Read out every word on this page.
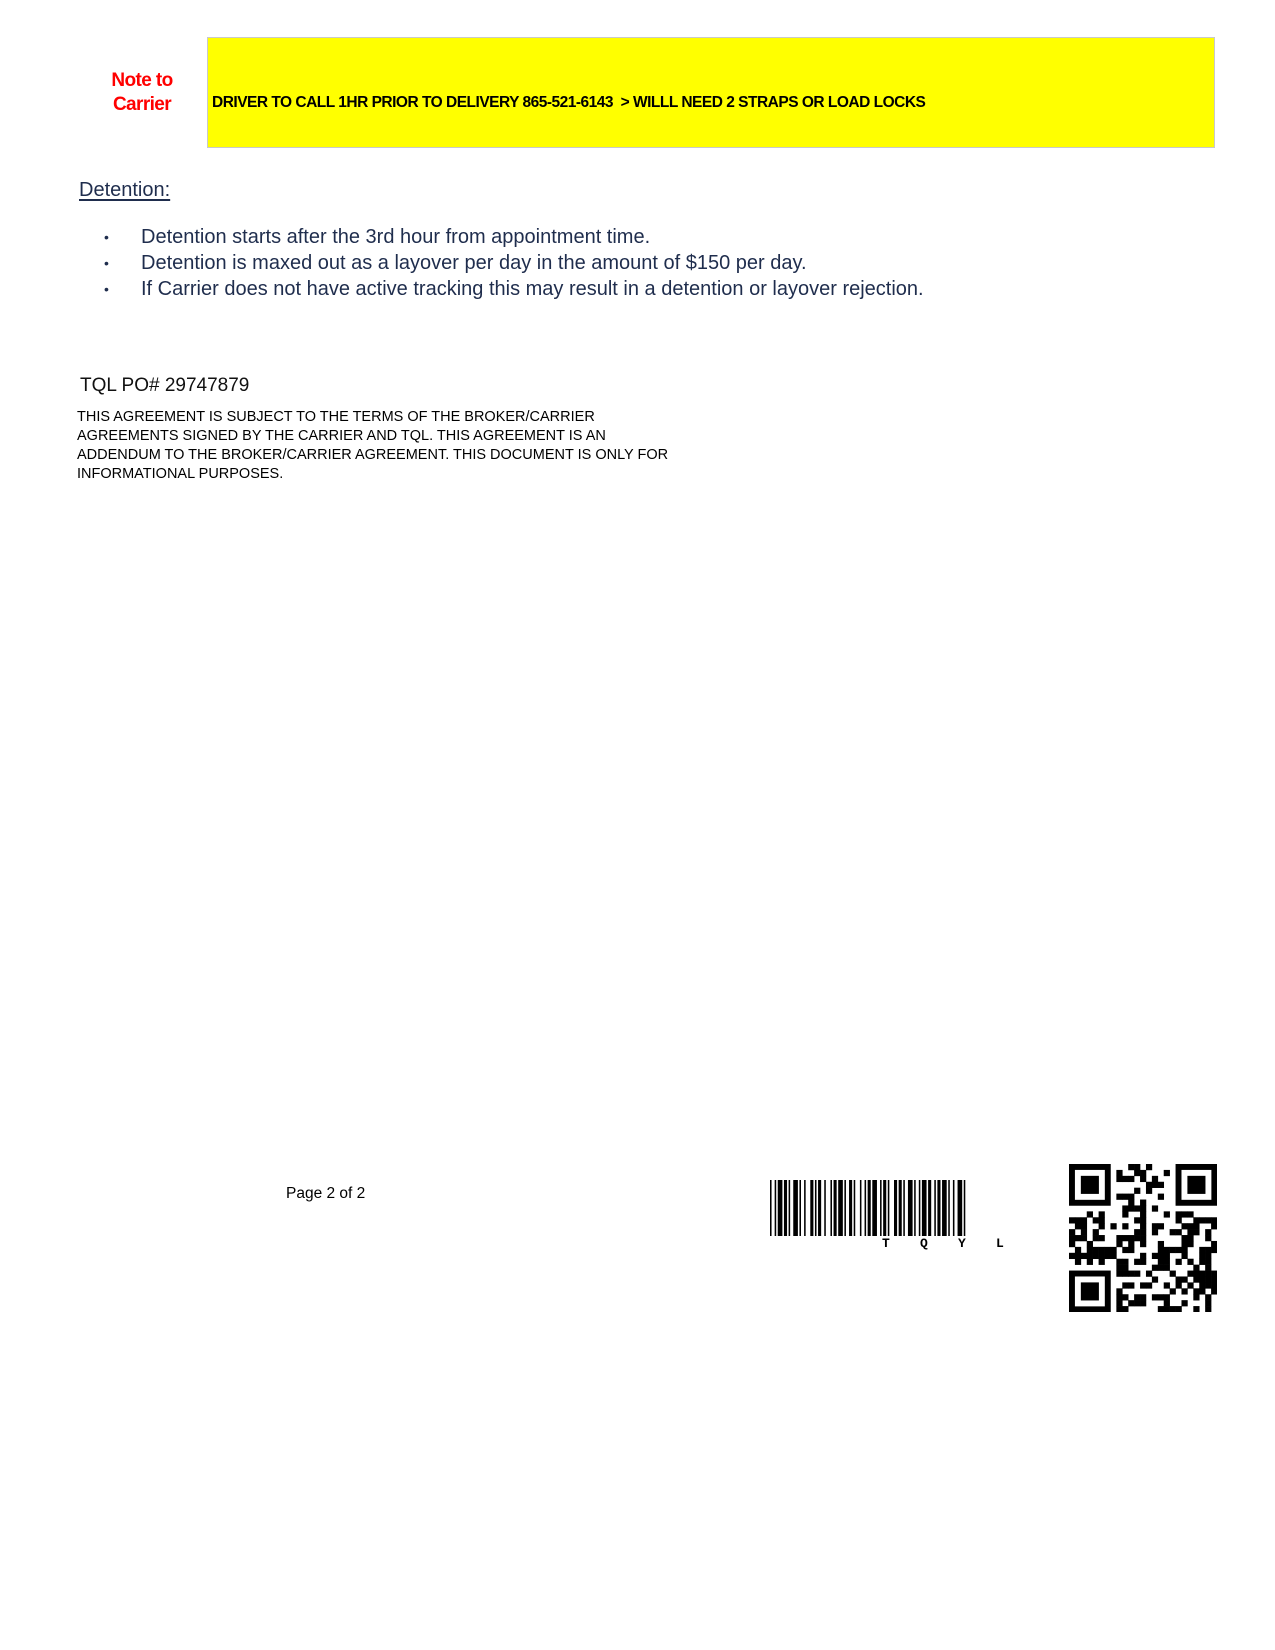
Note to
Carrier	DRIVER TO CALL 1HR PRIOR TO DELIVERY 865-521-6143  > WILLL NEED 2 STRAPS OR LOAD LOCKS
Detention:
• Detention starts after the 3rd hour from appointment time.
• Detention is maxed out as a layover per day in the amount of $150 per day.
• If Carrier does not have active tracking this may result in a detention or layover rejection.
TQL PO# 29747879
THIS AGREEMENT IS SUBJECT TO THE TERMS OF THE BROKER/CARRIER
AGREEMENTS SIGNED BY THE CARRIER AND TQL. THIS AGREEMENT IS AN
ADDENDUM TO THE BROKER/CARRIER AGREEMENT. THIS DOCUMENT IS ONLY FOR
INFORMATIONAL PURPOSES.
Page 2 of 2
T Q Y L
